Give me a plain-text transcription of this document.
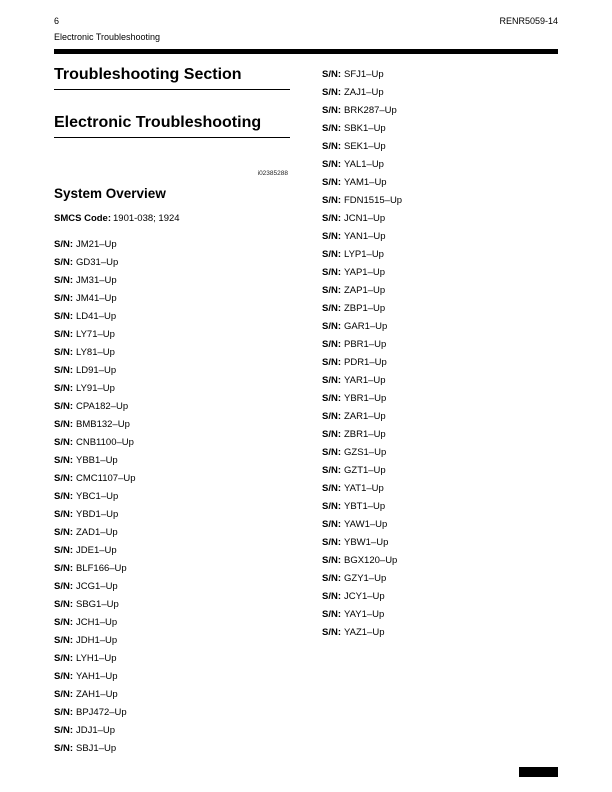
6	RENR5059-14
Electronic Troubleshooting
Troubleshooting Section
Electronic Troubleshooting
i02385288
System Overview
SMCS Code: 1901-038; 1924
S/N: JM21–Up
S/N: GD31–Up
S/N: JM31–Up
S/N: JM41–Up
S/N: LD41–Up
S/N: LY71–Up
S/N: LY81–Up
S/N: LD91–Up
S/N: LY91–Up
S/N: CPA182–Up
S/N: BMB132–Up
S/N: CNB1100–Up
S/N: YBB1–Up
S/N: CMC1107–Up
S/N: YBC1–Up
S/N: YBD1–Up
S/N: ZAD1–Up
S/N: JDE1–Up
S/N: BLF166–Up
S/N: JCG1–Up
S/N: SBG1–Up
S/N: JCH1–Up
S/N: JDH1–Up
S/N: LYH1–Up
S/N: YAH1–Up
S/N: ZAH1–Up
S/N: BPJ472–Up
S/N: JDJ1–Up
S/N: SBJ1–Up
S/N: SFJ1–Up
S/N: ZAJ1–Up
S/N: BRK287–Up
S/N: SBK1–Up
S/N: SEK1–Up
S/N: YAL1–Up
S/N: YAM1–Up
S/N: FDN1515–Up
S/N: JCN1–Up
S/N: YAN1–Up
S/N: LYP1–Up
S/N: YAP1–Up
S/N: ZAP1–Up
S/N: ZBP1–Up
S/N: GAR1–Up
S/N: PBR1–Up
S/N: PDR1–Up
S/N: YAR1–Up
S/N: YBR1–Up
S/N: ZAR1–Up
S/N: ZBR1–Up
S/N: GZS1–Up
S/N: GZT1–Up
S/N: YAT1–Up
S/N: YBT1–Up
S/N: YAW1–Up
S/N: YBW1–Up
S/N: BGX120–Up
S/N: GZY1–Up
S/N: JCY1–Up
S/N: YAY1–Up
S/N: YAZ1–Up
